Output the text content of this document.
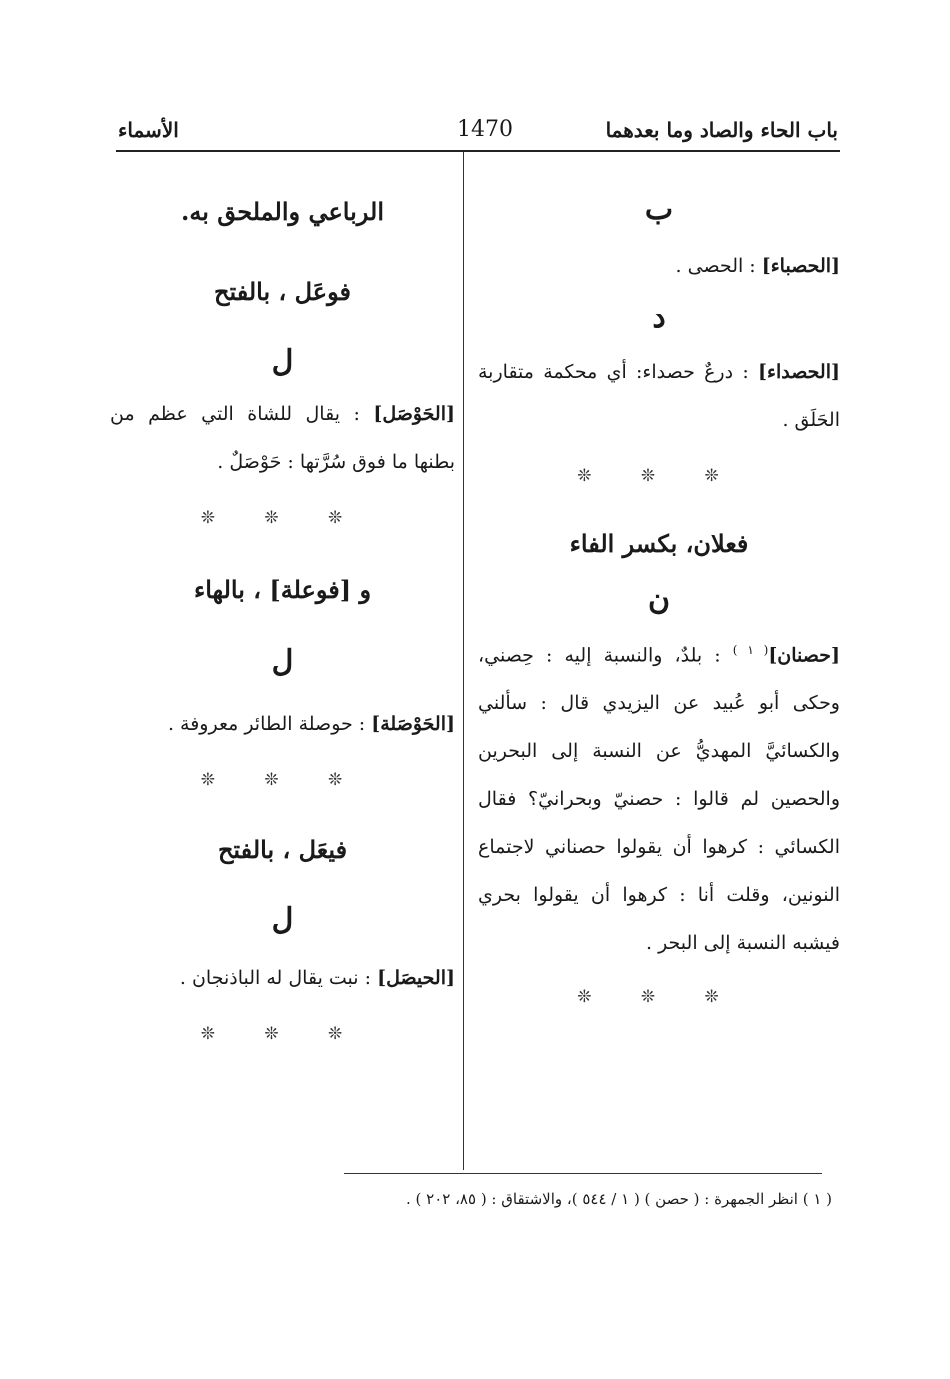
باب الحاء والصاد وما بعدهما
1470
الأسماء

ب

[الحصباء] : الحصى .

د

[الحصداء] : درعٌ حصداء: أي محكمة متقاربة الحَلَق .

❊ ❊ ❊

فعلان، بكسر الفاء

ن

[حصنان]$^{( ١ )}$ : بلدٌ، والنسبة إليه : حِصني، وحكى أبو عُبيد عن اليزيدي قال : سألني والكسائيَّ المهديُّ عن النسبة إلى البحرين والحصين لم قالوا : حصنيّ وبحرانيّ؟ فقال الكسائي : كرهوا أن يقولوا حصناني لاجتماع النونين، وقلت أنا : كرهوا أن يقولوا بحري فيشبه النسبة إلى البحر .

❊ ❊ ❊

الرباعي والملحق به.

فوعَل ، بالفتح

ل

[الحَوْصَل] : يقال للشاة التي عظم من بطنها ما فوق سُرَّتها : حَوْصَلٌ .

❊ ❊ ❊

و [فوعلة] ، بالهاء

ل

[الحَوْصَلة] : حوصلة الطائر معروفة .

❊ ❊ ❊

فيعَل ، بالفتح

ل

[الحيصَل] : نبت يقال له الباذنجان .

❊ ❊ ❊

( ١ ) انظر الجمهرة : ( حصن ) ( ١ / ٥٤٤ )، والاشتقاق : ( ٨٥، ٢٠٢ ) .
